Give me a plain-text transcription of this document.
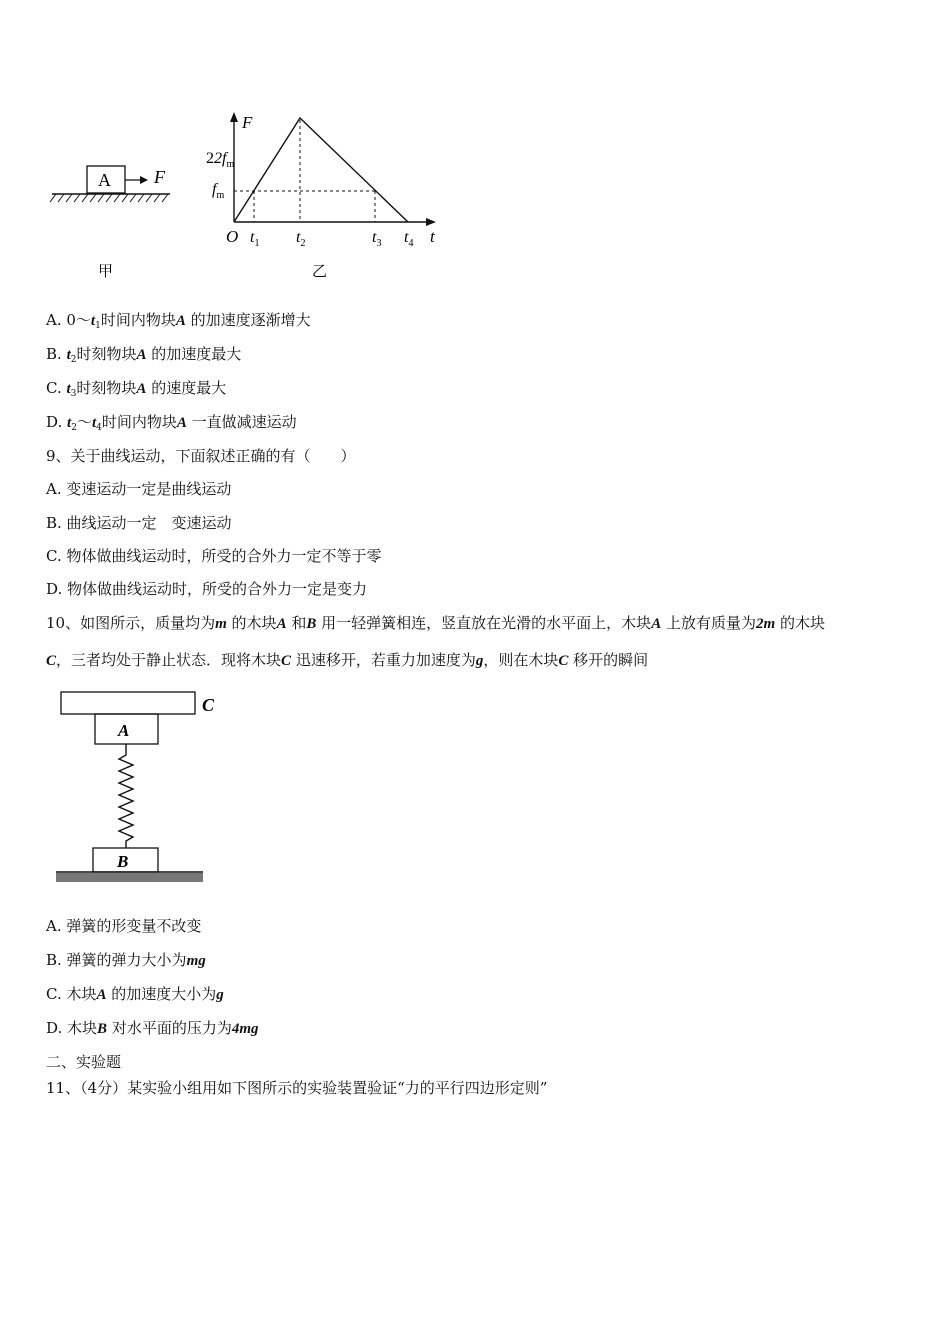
A F
甲
F
t
O
$22f_m$
$f_m$
$t_1$ $t_2$	$t_3$ $t_4$
乙
A. $0\sim t_1$时间内物块A 的加速度逐渐增大
B. $t_2$时刻物块A 的加速度最大
C. $t_3$时刻物块A 的速度最大
D. $t_2\sim t_4$时间内物块A 一直做减速运动
9、关于曲线运动，下面叙述正确的有（　　）
A. 变速运动一定是曲线运动
B. 曲线运动一定　变速运动
C. 物体做曲线运动时，所受的合外力一定不等于零
D. 物体做曲线运动时，所受的合外力一定是变力
10、如图所示，质量均为m 的木块A 和B 用一轻弹簧相连，竖直放在光滑的水平面上，木块A 上放有质量为2m 的木块
C，三者均处于静止状态．现将木块C 迅速移开，若重力加速度为g，则在木块C 移开的瞬间
C
A
B
A. 弹簧的形变量不改变
B. 弹簧的弹力大小为mg
C. 木块A 的加速度大小为g
D. 木块B 对水平面的压力为4mg
二、实验题
11、（4分）某实验小组用如下图所示的实验装置验证“力的平行四边形定则”
